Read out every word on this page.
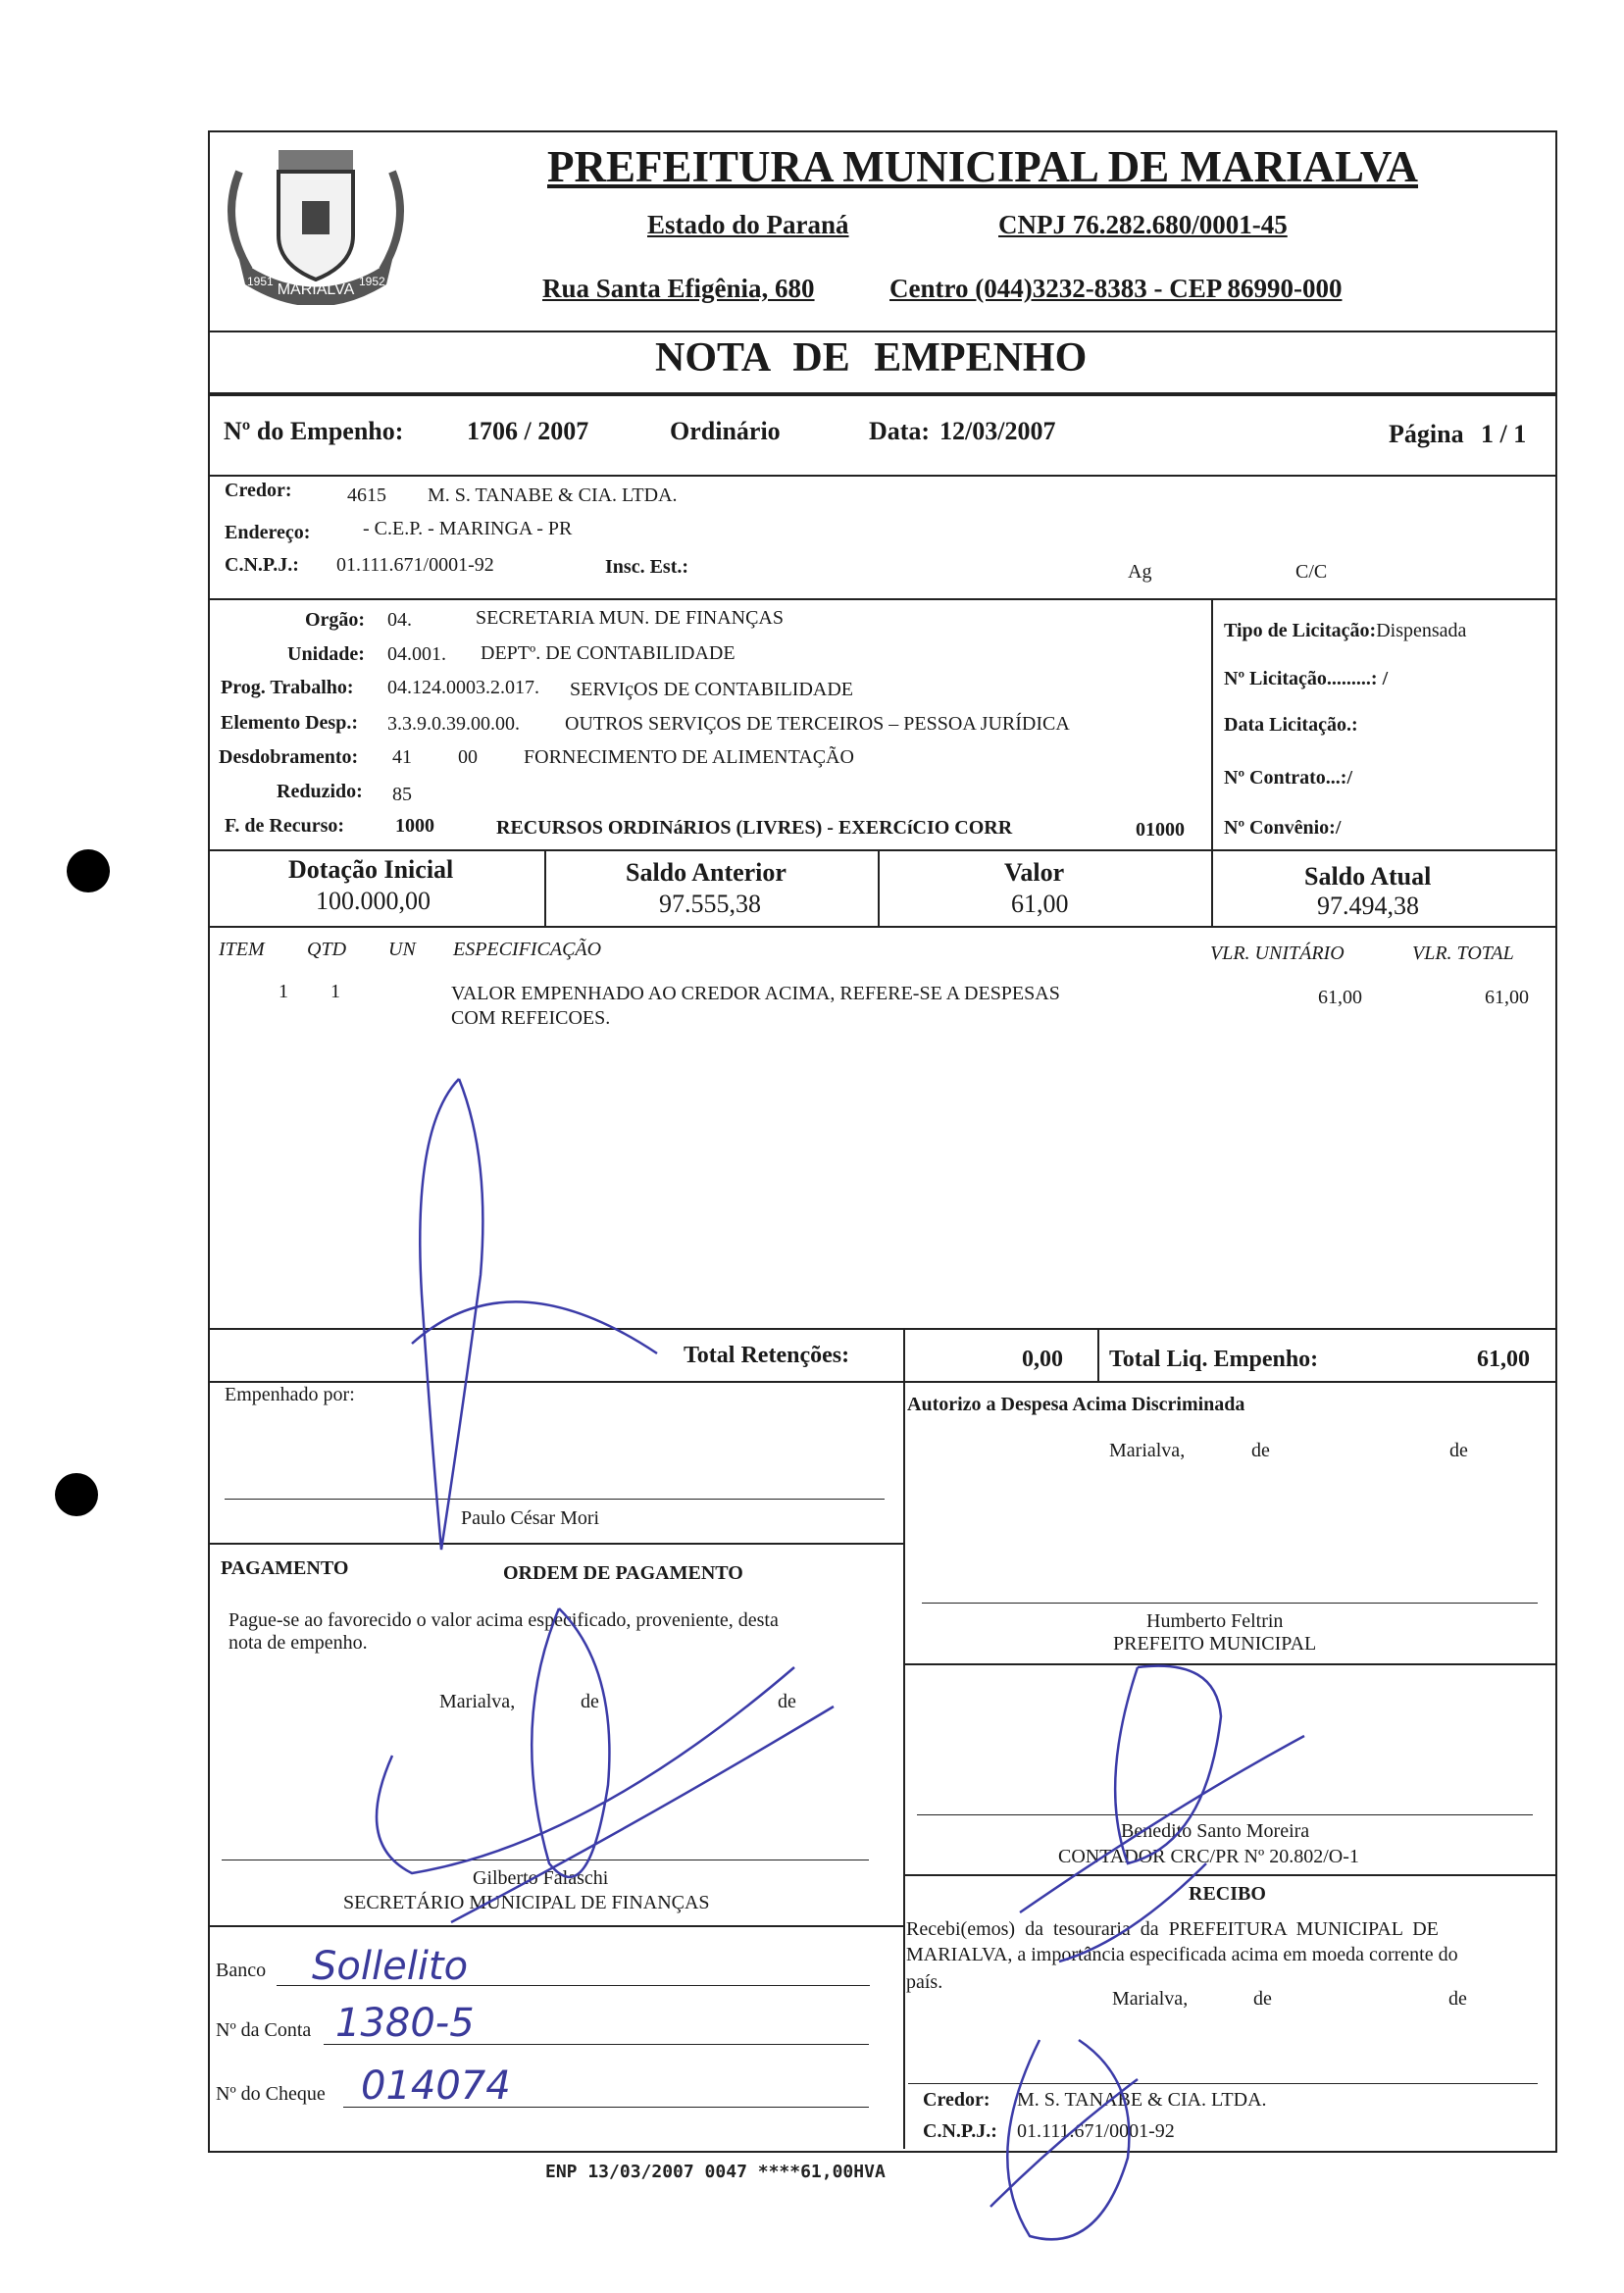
MARIALVA
1951	1952
PREFEITURA MUNICIPAL DE MARIALVA
Estado do Paraná	CNPJ 76.282.680/0001-45
Rua Santa Efigênia, 680	Centro (044)3232-8383 - CEP 86990-000
NOTA DE EMPENHO
Nº do Empenho: 1706 / 2007	Ordinário	Data: 12/03/2007	Página 1 / 1
Credor:	4615 M. S. TANABE & CIA. LTDA.
Endereço:	- C.E.P. - MARINGA - PR
C.N.P.J.: 01.111.671/0001-92	Insc. Est.:	Ag	C/C
Orgão: 04.	SECRETARIA MUN. DE FINANÇAS
Unidade: 04.001. DEPTº. DE CONTABILIDADE
Prog. Trabalho: 04.124.0003.2.017. SERVIçOS DE CONTABILIDADE
Elemento Desp.: 3.3.9.0.39.00.00. OUTROS SERVIÇOS DE TERCEIROS – PESSOA JURÍDICA
Desdobramento: 41 00 FORNECIMENTO DE ALIMENTAÇÃO
Reduzido: 85
F. de Recurso:	1000	RECURSOS ORDINáRIOS (LIVRES) - EXERCíCIO CORR	01000
Tipo de Licitação:Dispensada
Nº Licitação.........: /
Data Licitação.:
Nº Contrato...:/
Nº Convênio:/
Dotação Inicial
100.000,00
Saldo Anterior
97.555,38
Valor
61,00
Saldo Atual
97.494,38
ITEM QTD UN ESPECIFICAÇÃO	VLR. UNITÁRIO	VLR. TOTAL
1 1	VALOR EMPENHADO AO CREDOR ACIMA, REFERE-SE A DESPESAS
COM REFEICOES.
61,00	61,00
Total Retenções:	0,00 Total Liq. Empenho:	61,00
Empenhado por:
Paulo César Mori
Autorizo a Despesa Acima Discriminada
Marialva,	de	de
Humberto Feltrin
PREFEITO MUNICIPAL
PAGAMENTO	ORDEM DE PAGAMENTO
Pague-se ao favorecido o valor acima especificado, proveniente, desta
nota de empenho.
Marialva,	de	de
Gilberto Falaschi
SECRETÁRIO MUNICIPAL DE FINANÇAS
Benedito Santo Moreira
CONTADOR CRC/PR Nº 20.802/O-1
Banco Sollelito
Nº da Conta 1380-5
Nº do Cheque 014074
RECIBO
Recebi(emos) da tesouraria da PREFEITURA MUNICIPAL DE
MARIALVA, a importância especificada acima em moeda corrente do
país.
Marialva,	de	de
Credor: M. S. TANABE & CIA. LTDA.
C.N.P.J.: 01.111.671/0001-92
ENP 13/03/2007 0047 ****61,00HVA
